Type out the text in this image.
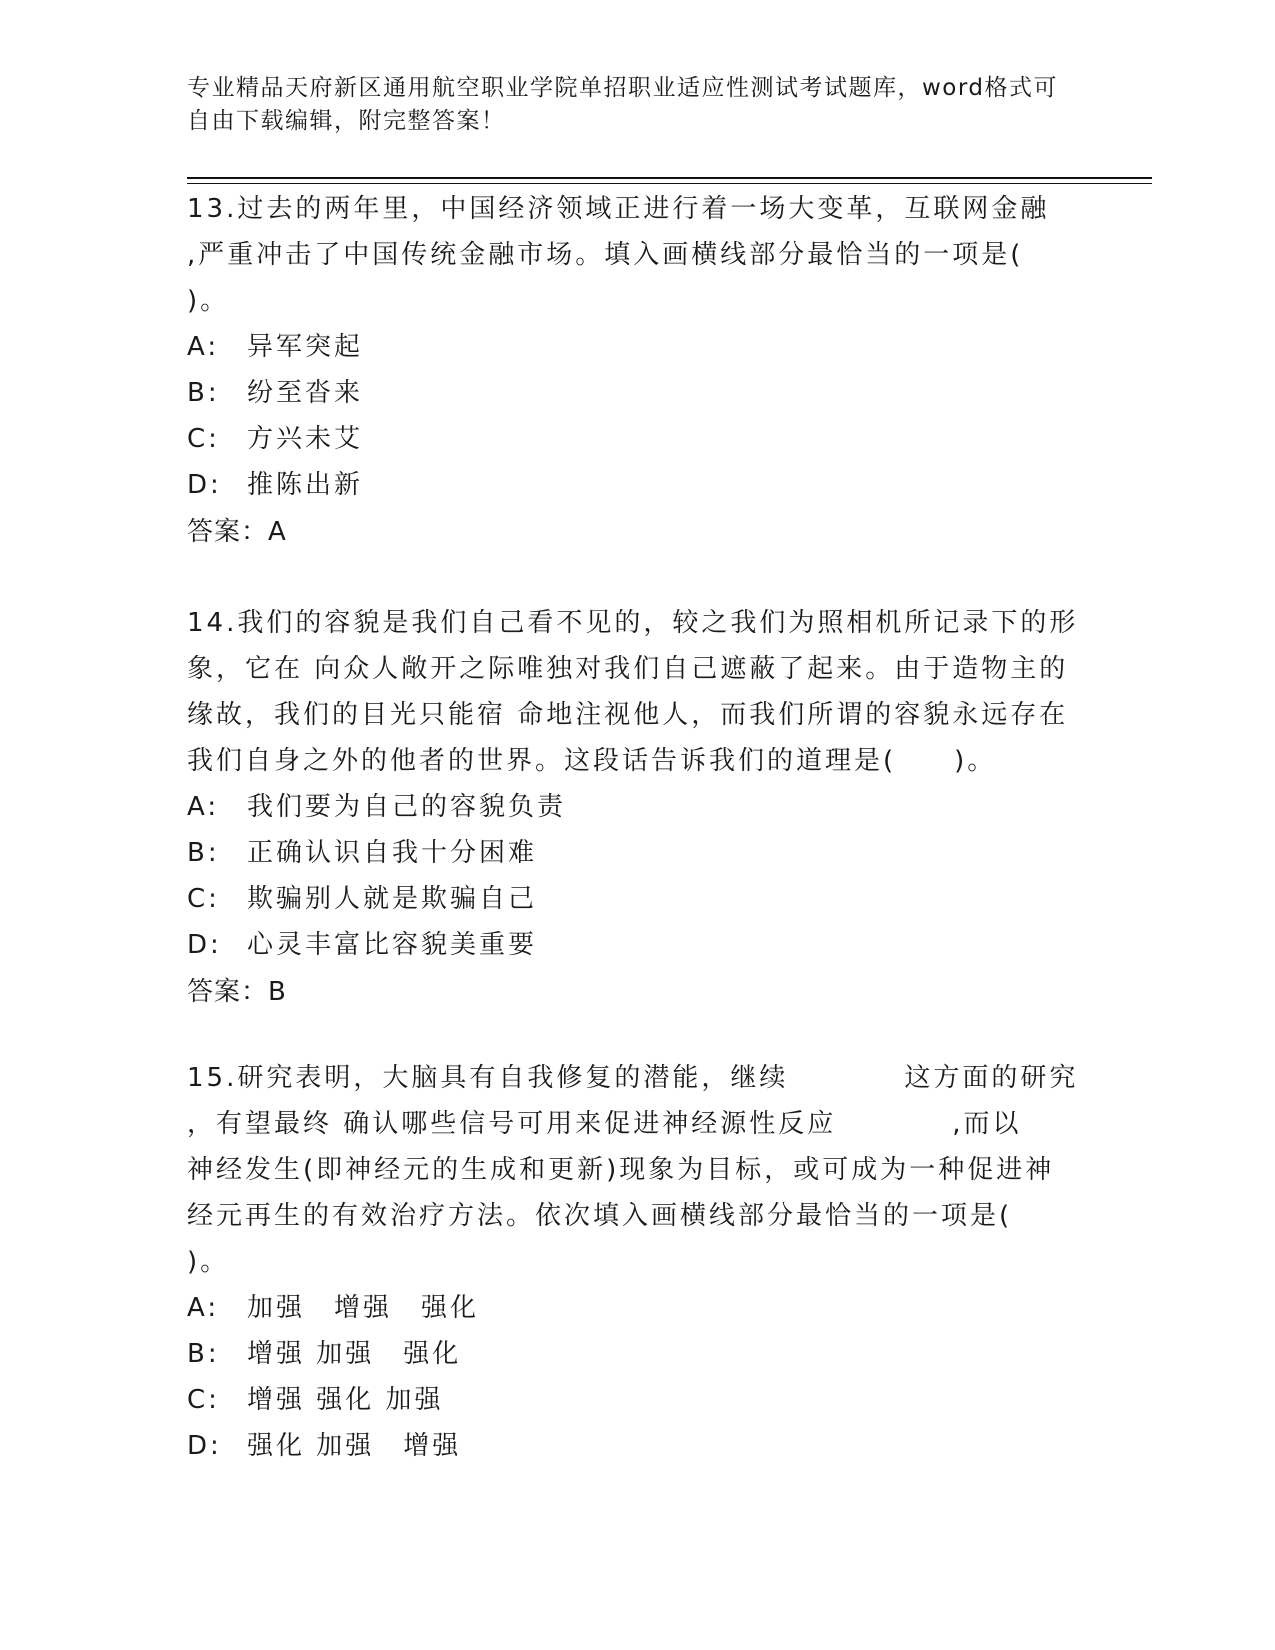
专业精品天府新区通用航空职业学院单招职业适应性测试考试题库，word格式可
自由下载编辑，附完整答案！
13.过去的两年里，中国经济领域正进行着一场大变革，互联网金融
,严重冲击了中国传统金融市场。填入画横线部分最恰当的一项是(
)。
A:	异军突起
B:	纷至沓来
C:	方兴未艾
D: 推陈出新
答案：A
14.我们的容貌是我们自己看不见的，较之我们为照相机所记录下的形
象，它在 向众人敞开之际唯独对我们自己遮蔽了起来。由于造物主的
缘故，我们的目光只能宿 命地注视他人，而我们所谓的容貌永远存在
我们自身之外的他者的世界。这段话告诉我们的道理是(　　)。
A:	我们要为自己的容貌负责
B:	正确认识自我十分困难
C:	欺骗别人就是欺骗自己
D: 心灵丰富比容貌美重要
答案：B
15.研究表明，大脑具有自我修复的潜能，继续　　　　这方面的研究
，有望最终 确认哪些信号可用来促进神经源性反应　　　　,而以
神经发生(即神经元的生成和更新)现象为目标，或可成为一种促进神
经元再生的有效治疗方法。依次填入画横线部分最恰当的一项是(
)。
A:	加强　增强　强化
B:	增强 加强　强化
C:	增强 强化 加强
D: 强化 加强　增强
